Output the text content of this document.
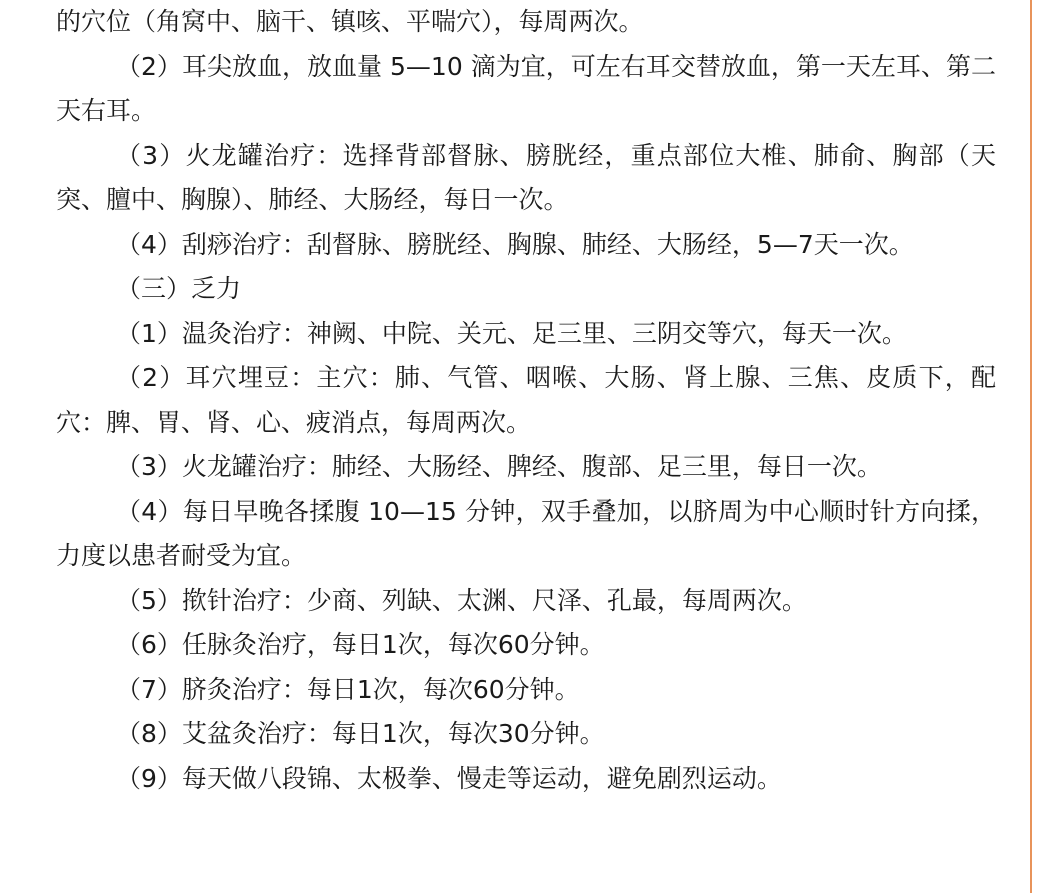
的穴位（角窝中、脑干、镇咳、平喘穴），每周两次。

（2）耳尖放血，放血量 5—10 滴为宜，可左右耳交替放血，第一天左耳、第二天右耳。

（3）火龙罐治疗：选择背部督脉、膀胱经，重点部位大椎、肺俞、胸部（天突、膻中、胸腺）、肺经、大肠经，每日一次。

（4）刮痧治疗：刮督脉、膀胱经、胸腺、肺经、大肠经，5—7天一次。

（三）乏力

（1）温灸治疗：神阙、中院、关元、足三里、三阴交等穴，每天一次。

（2）耳穴埋豆：主穴：肺、气管、咽喉、大肠、肾上腺、三焦、皮质下，配穴：脾、胃、肾、心、疲消点，每周两次。

（3）火龙罐治疗：肺经、大肠经、脾经、腹部、足三里，每日一次。

（4）每日早晚各揉腹 10—15 分钟，双手叠加，以脐周为中心顺时针方向揉，力度以患者耐受为宜。

（5）揿针治疗：少商、列缺、太渊、尺泽、孔最，每周两次。

（6）任脉灸治疗，每日1次，每次60分钟。

（7）脐灸治疗：每日1次，每次60分钟。

（8）艾盆灸治疗：每日1次，每次30分钟。

（9）每天做八段锦、太极拳、慢走等运动，避免剧烈运动。
